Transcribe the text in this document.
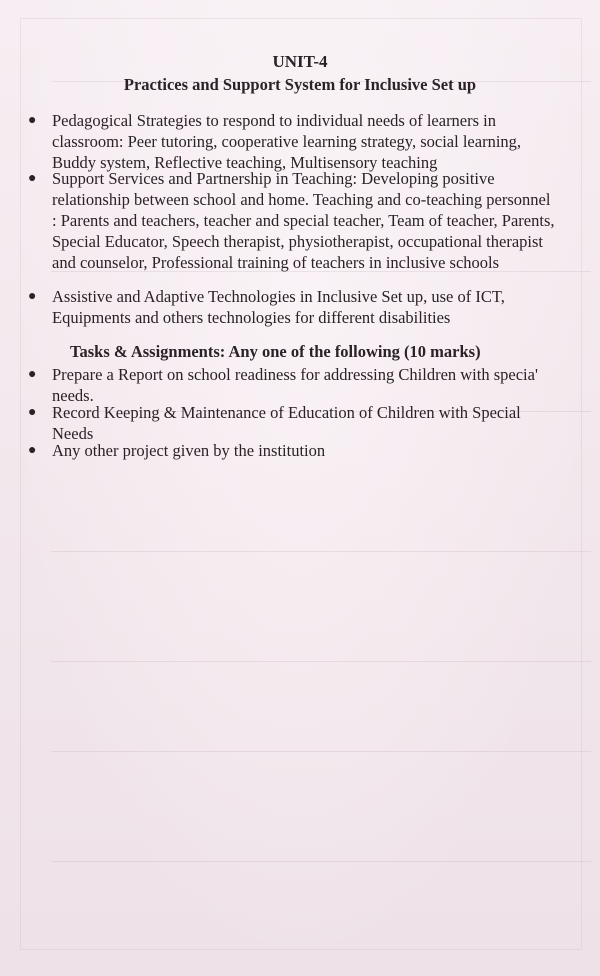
UNIT-4
Practices and Support System for Inclusive Set up
● Pedagogical Strategies to respond to individual needs of learners in classroom: Peer tutoring, cooperative learning strategy, social learning, Buddy system, Reflective teaching, Multisensory teaching
● Support Services and Partnership in Teaching: Developing positive relationship between school and home. Teaching and co-teaching personnel : Parents and teachers, teacher and special teacher, Team of teacher, Parents, Special Educator, Speech therapist, physiotherapist, occupational therapist and counselor, Professional training of teachers in inclusive schools
● Assistive and Adaptive Technologies in Inclusive Set up, use of ICT, Equipments and others technologies for different disabilities
Tasks & Assignments: Any one of the following (10 marks)
● Prepare a Report on school readiness for addressing Children with specia' needs.
● Record Keeping & Maintenance of Education of Children with Special Needs
● Any other project given by the institution
